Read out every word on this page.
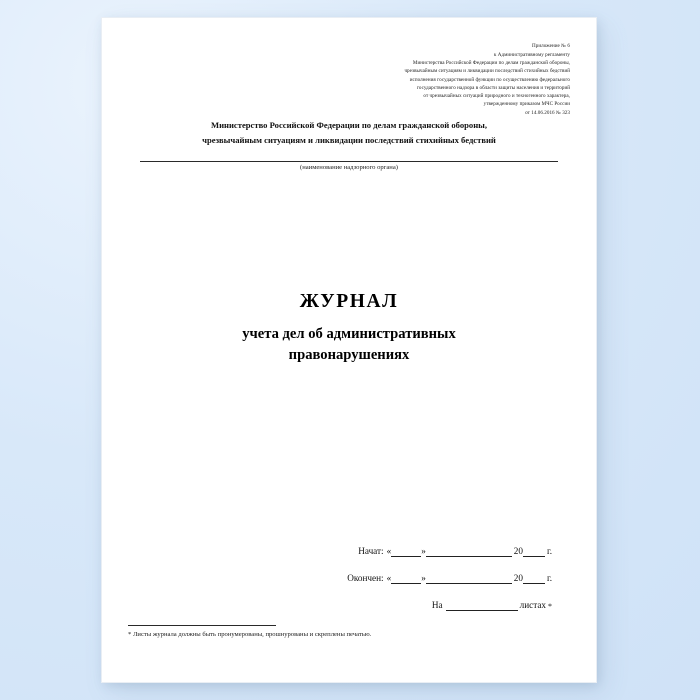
Приложение № 6
к Административному регламенту
Министерства Российской Федерации по делам гражданской обороны,
чрезвычайным ситуациям и ликвидации последствий стихийных бедствий
исполнения государственной функции по осуществлению федерального
государственного надзора в области защиты населения и территорий
от чрезвычайных ситуаций природного и техногенного характера,
утвержденному приказом МЧС России
от 14.06.2016 № 323
Министерство Российской Федерации по делам гражданской обороны,
чрезвычайным ситуациям и ликвидации последствий стихийных бедствий
(наименование надзорного органа)
ЖУРНАЛ
учета дел об административных
правонарушениях
Начат: «	»	20	г.
Окончен: «	»	20	г.
На	листах *
* Листы журнала должны быть пронумерованы, прошнурованы и скреплены печатью.
